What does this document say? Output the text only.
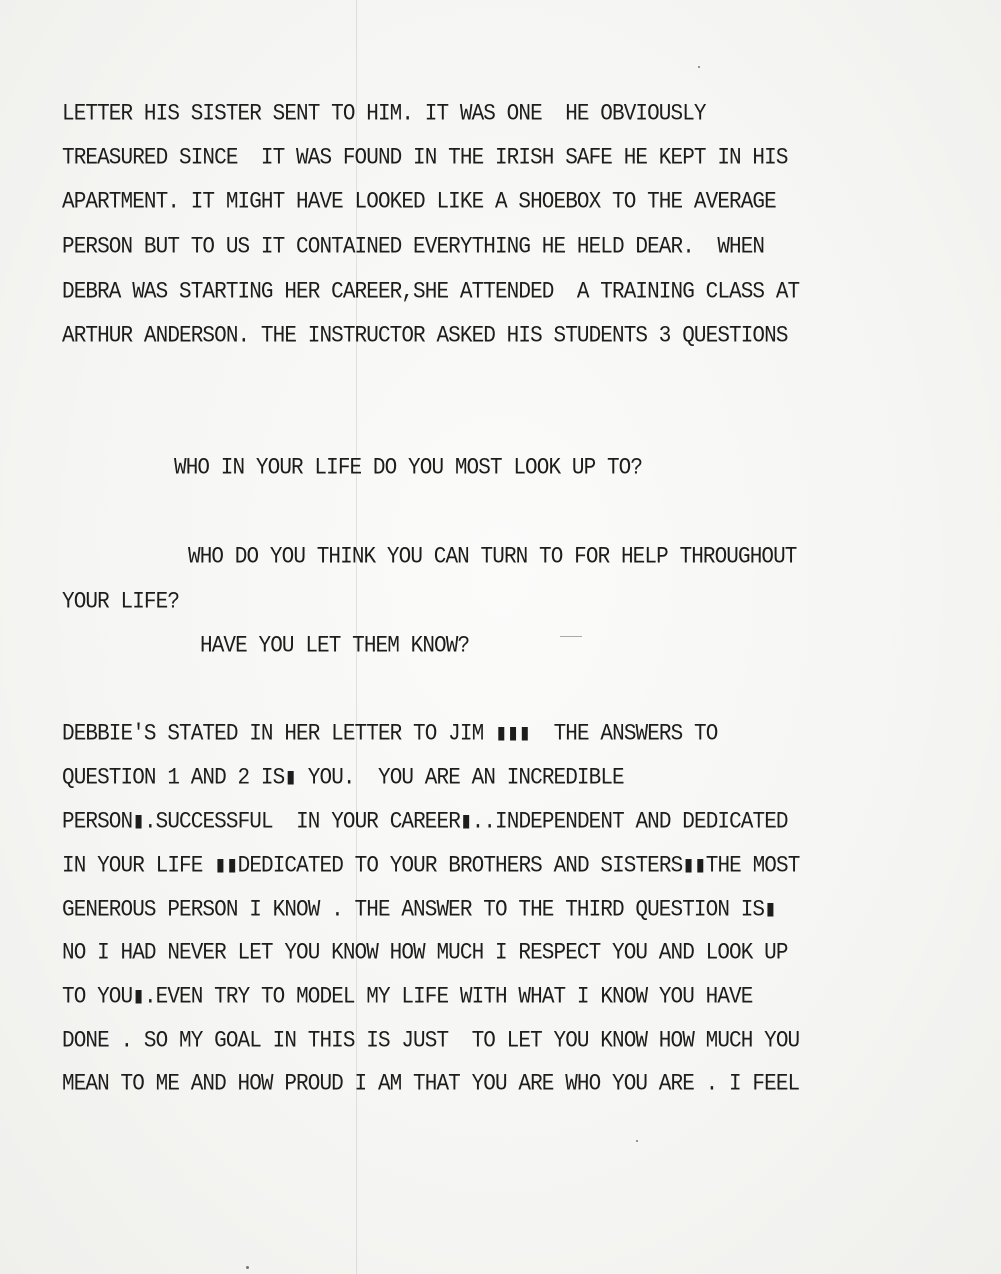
LETTER HIS SISTER SENT TO HIM. IT WAS ONE  HE OBVIOUSLY

TREASURED SINCE  IT WAS FOUND IN THE IRISH SAFE HE KEPT IN HIS

APARTMENT. IT MIGHT HAVE LOOKED LIKE A SHOEBOX TO THE AVERAGE

PERSON BUT TO US IT CONTAINED EVERYTHING HE HELD DEAR.  WHEN

DEBRA WAS STARTING HER CAREER,SHE ATTENDED  A TRAINING CLASS AT

ARTHUR ANDERSON. THE INSTRUCTOR ASKED HIS STUDENTS 3 QUESTIONS

WHO IN YOUR LIFE DO YOU MOST LOOK UP TO?

WHO DO YOU THINK YOU CAN TURN TO FOR HELP THROUGHOUT

YOUR LIFE?

HAVE YOU LET THEM KNOW?

DEBBIE'S STATED IN HER LETTER TO JIM ▮▮▮  THE ANSWERS TO

QUESTION 1 AND 2 IS▮ YOU.  YOU ARE AN INCREDIBLE

PERSON▮.SUCCESSFUL  IN YOUR CAREER▮..INDEPENDENT AND DEDICATED

IN YOUR LIFE ▮▮DEDICATED TO YOUR BROTHERS AND SISTERS▮▮THE MOST

GENEROUS PERSON I KNOW . THE ANSWER TO THE THIRD QUESTION IS▮

NO I HAD NEVER LET YOU KNOW HOW MUCH I RESPECT YOU AND LOOK UP

TO YOU▮.EVEN TRY TO MODEL MY LIFE WITH WHAT I KNOW YOU HAVE

DONE . SO MY GOAL IN THIS IS JUST  TO LET YOU KNOW HOW MUCH YOU

MEAN TO ME AND HOW PROUD I AM THAT YOU ARE WHO YOU ARE . I FEEL
